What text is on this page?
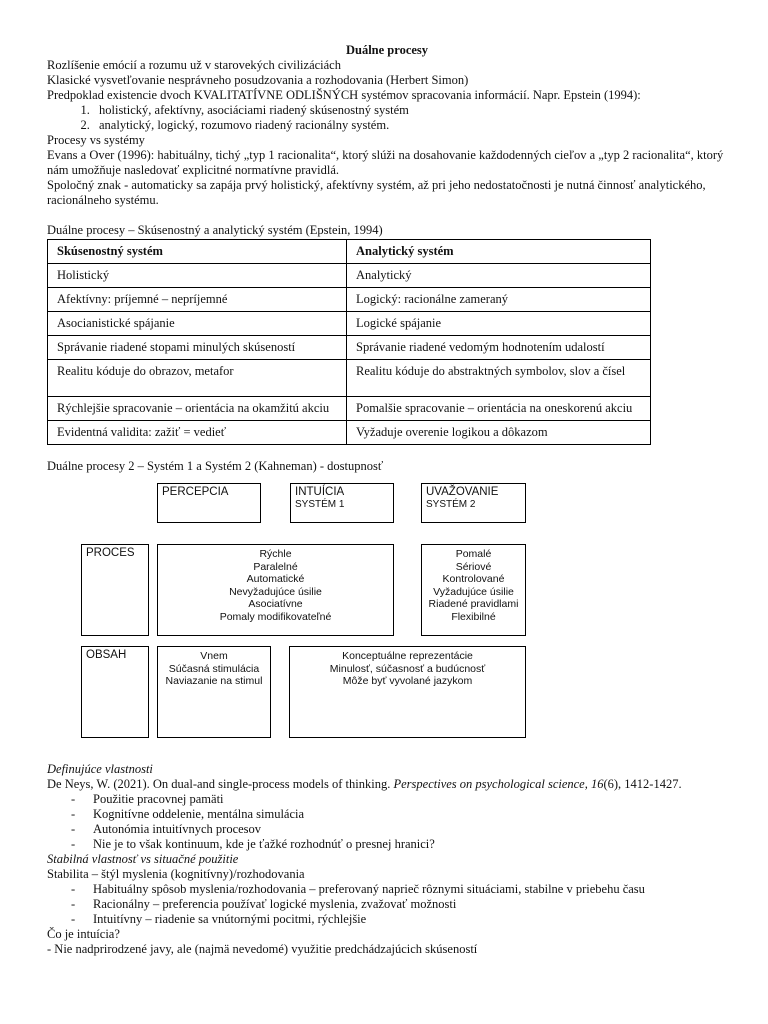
Duálne procesy

Rozlíšenie emócií a rozumu už v starovekých civilizáciách

Klasické vysvetľovanie nesprávneho posudzovania a rozhodovania (Herbert Simon)

Predpoklad existencie dvoch KVALITATÍVNE ODLIŠNÝCH systémov spracovania informácií. Napr. Epstein (1994):

1. holistický, afektívny, asociáciami riadený skúsenostný systém
2. analytický, logický, rozumovo riadený racionálny systém.

Procesy vs systémy

Evans a Over (1996): habituálny, tichý „typ 1 racionalita“, ktorý slúži na dosahovanie každodenných cieľov a „typ 2 racionalita“, ktorý nám umožňuje nasledovať explicitné normatívne pravidlá.

Spoločný znak - automaticky sa zapája prvý holistický, afektívny systém, až pri jeho nedostatočnosti je nutná činnosť analytického, racionálneho systému.

Duálne procesy – Skúsenostný a analytický systém (Epstein, 1994)

Skúsenostný systém	Analytický systém
Holistický	Analytický
Afektívny: príjemné – nepríjemné	Logický: racionálne zameraný
Asocianistické spájanie	Logické spájanie
Správanie riadené stopami minulých skúseností	Správanie riadené vedomým hodnotením udalostí
Realitu kóduje do obrazov, metafor	Realitu kóduje do abstraktných symbolov, slov a čísel
Rýchlejšie spracovanie – orientácia na okamžitú akciu	Pomalšie spracovanie – orientácia na oneskorenú akciu
Evidentná validita: zažiť = vedieť	Vyžaduje overenie logikou a dôkazom

Duálne procesy 2 – Systém 1 a Systém 2 (Kahneman) - dostupnosť

PERCEPCIA	INTUÍCIA
SYSTÉM 1
UVAŽOVANIE
SYSTÉM 2
PROCES	Rýchle
Paralelné
Automatické
Nevyžadujúce úsilie
Asociatívne
Pomaly modifikovateľné
Pomalé
Sériové
Kontrolované
Vyžadujúce úsilie
Riadené pravidlami
Flexibilné
OBSAH	Vnem
Súčasná stimulácia
Naviazanie na stimul
Konceptuálne reprezentácie
Minulosť, súčasnosť a budúcnosť
Môže byť vyvolané jazykom

Definujúce vlastnosti

De Neys, W. (2021). On dual-and single-process models of thinking. Perspectives on psychological science, 16(6), 1412-1427.

- Použitie pracovnej pamäti
- Kognitívne oddelenie, mentálna simulácia
- Autonómia intuitívnych procesov
- Nie je to však kontinuum, kde je ťažké rozhodnúť o presnej hranici?

Stabilná vlastnosť vs situačné použitie

Stabilita – štýl myslenia (kognitívny)/rozhodovania

- Habituálny spôsob myslenia/rozhodovania – preferovaný naprieč rôznymi situáciami, stabilne v priebehu času
- Racionálny – preferencia používať logické myslenia, zvažovať možnosti
- Intuitívny – riadenie sa vnútornými pocitmi, rýchlejšie

Čo je intuícia?

- Nie nadprirodzené javy, ale (najmä nevedomé) využitie predchádzajúcich skúseností
